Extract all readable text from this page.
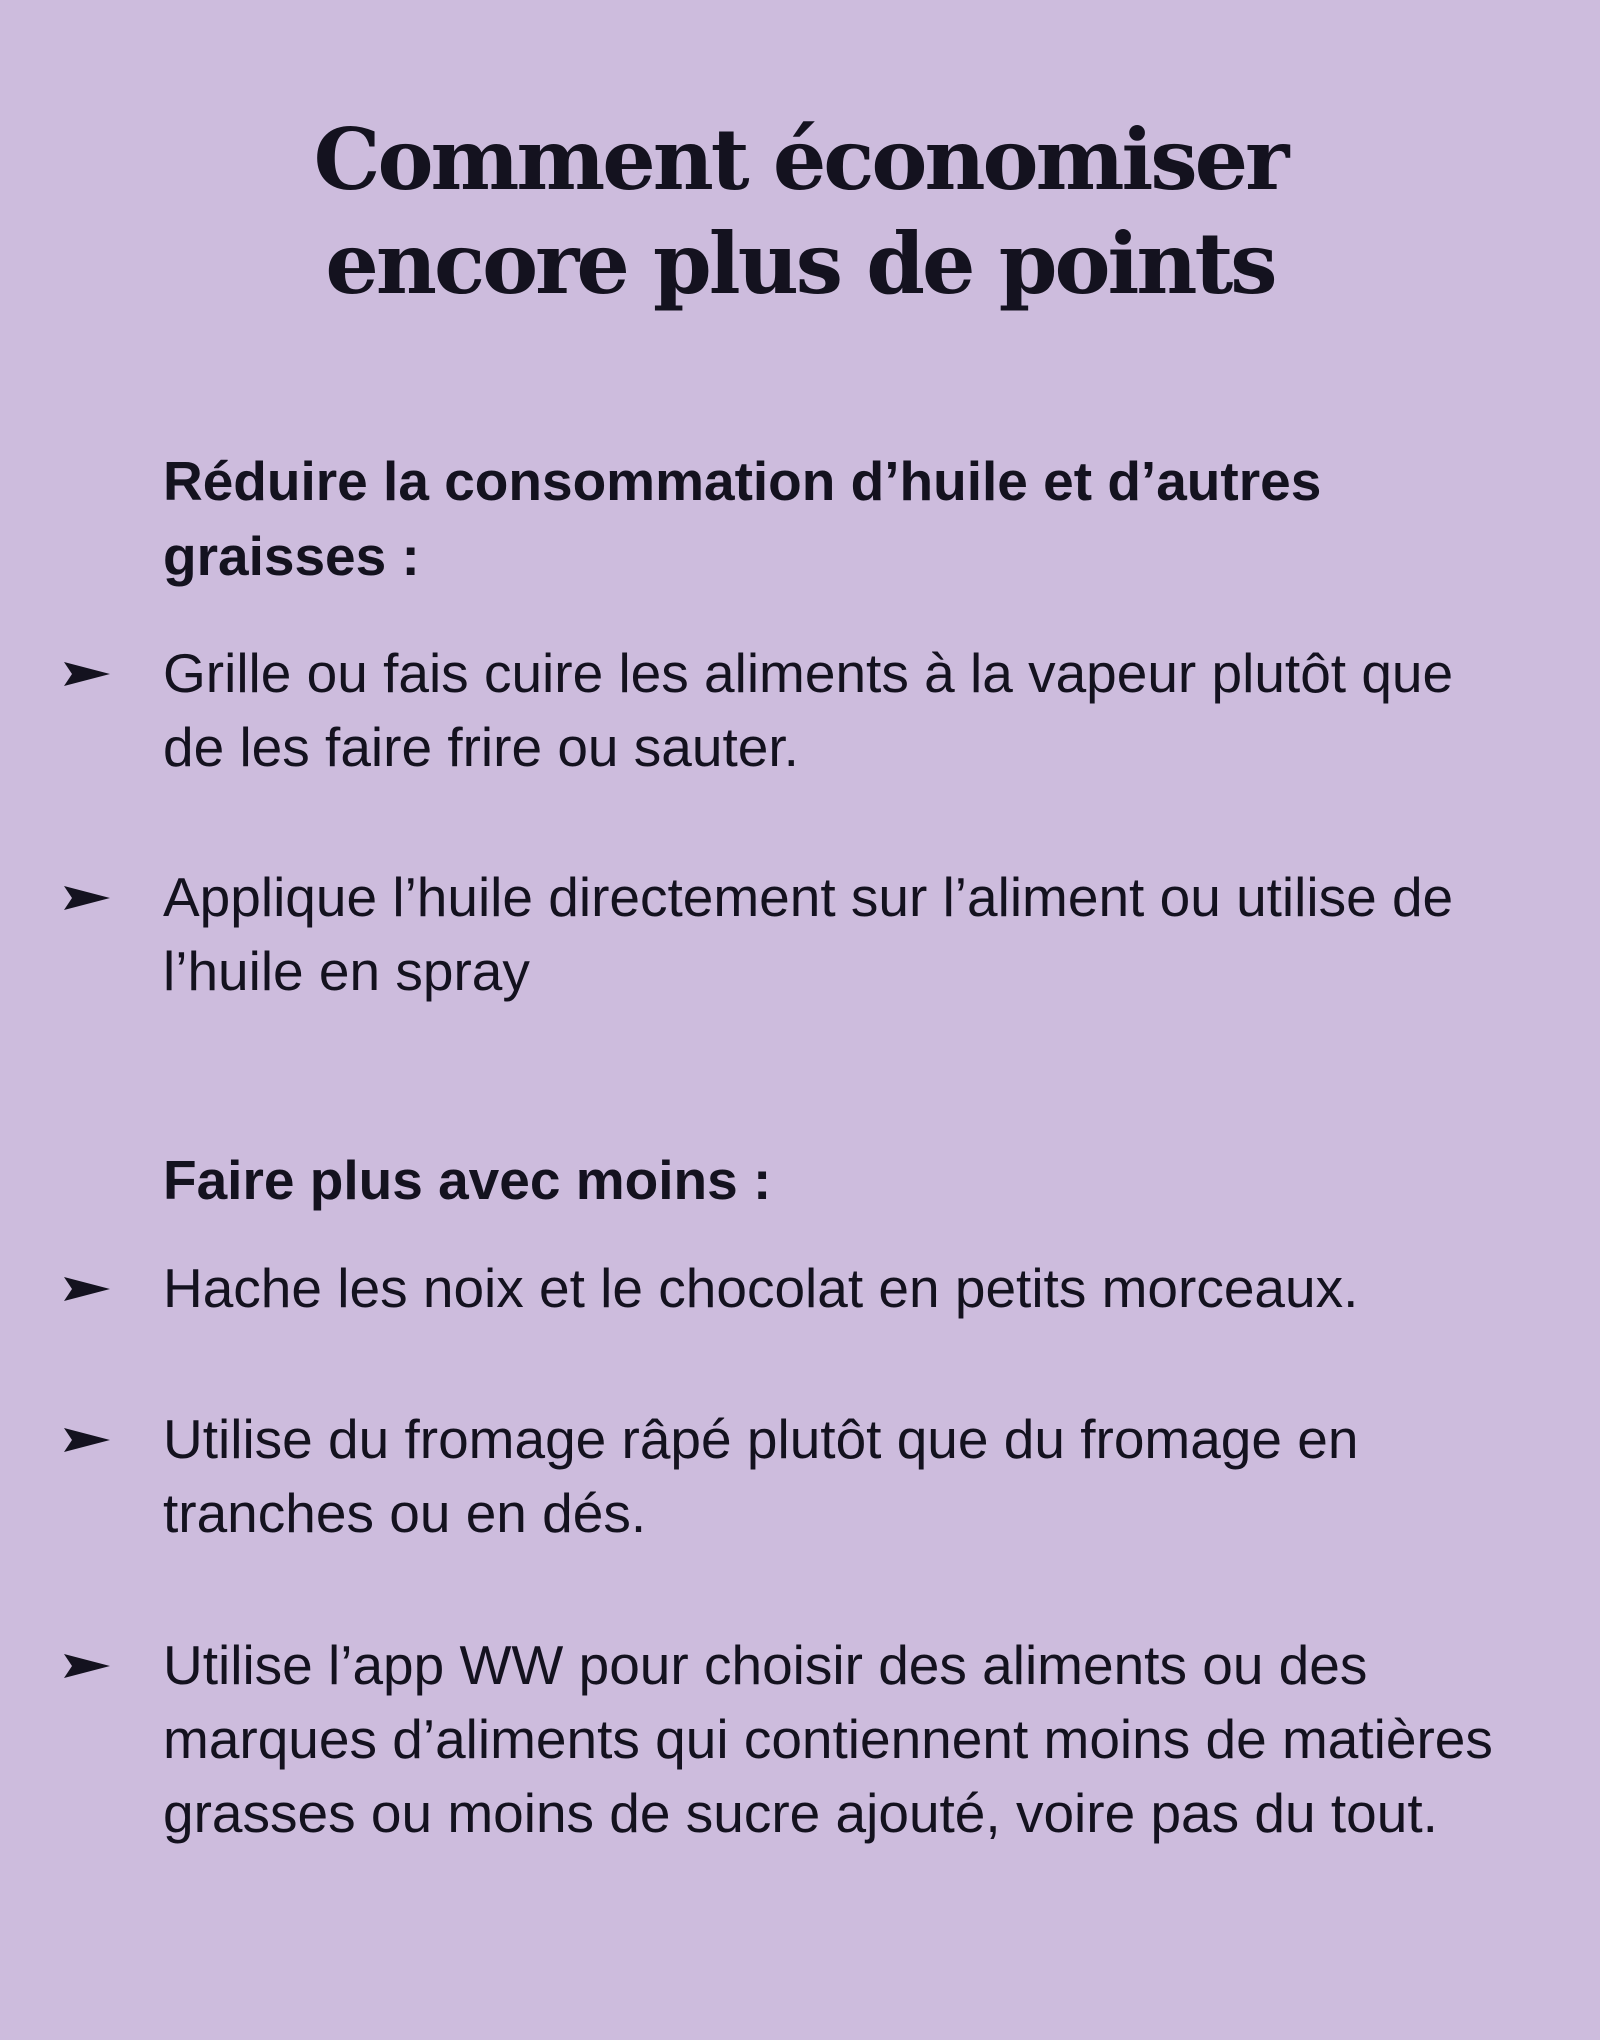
Comment économiser
encore plus de points
Réduire la consommation d’huile et d’autres graisses :

Grille ou fais cuire les aliments à la vapeur plutôt que de les faire frire ou sauter.

Applique l’huile directement sur l’aliment ou utilise de l’huile en spray

Faire plus avec moins :

Hache les noix et le chocolat en petits morceaux.

Utilise du fromage râpé plutôt que du fromage en tranches ou en dés.

Utilise l’app WW pour choisir des aliments ou des marques d’aliments qui contiennent moins de matières grasses ou moins de sucre ajouté, voire pas du tout.
